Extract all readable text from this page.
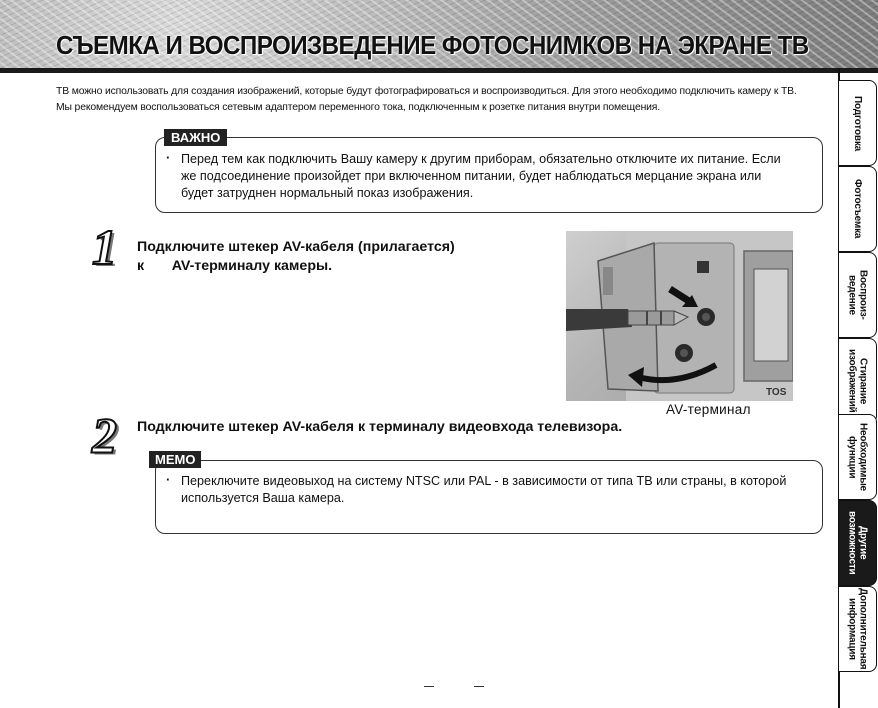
СЪЕМКА И ВОСПРОИЗВЕДЕНИЕ ФОТОСНИМКОВ НА ЭКРАНЕ ТВ

ТВ можно использовать для создания изображений, которые будут фотографироваться и воспроизводиться. Для этого необходимо подключить камеру к ТВ.

Мы рекомендуем воспользоваться сетевым адаптером переменного тока, подключенным к розетке питания внутри помещения.

ВАЖНО
· Перед тем как подключить Вашу камеру к другим приборам, обязательно отключите их питание. Если
же подсоединение произойдет при включенном питании, будет наблюдаться мерцание экрана или
будет затруднен нормальный показ изображения.
1 Подключите штекер AV-кабеля (прилагается)
к       AV-терминалу камеры.
TOS
AV-терминал
2 Подключите штекер AV-кабеля к терминалу видеовхода телевизора.
MEMO
· Переключите видеовыход на систему NTSC или PAL - в зависимости от типа ТВ или страны, в которой
используется Ваша камера.
Подготовка
Фотосъемка
Воспроиз-
ведение
Стирание
изображений
Необходимые
функции
Другие
возможности
Дополнительная
информация
